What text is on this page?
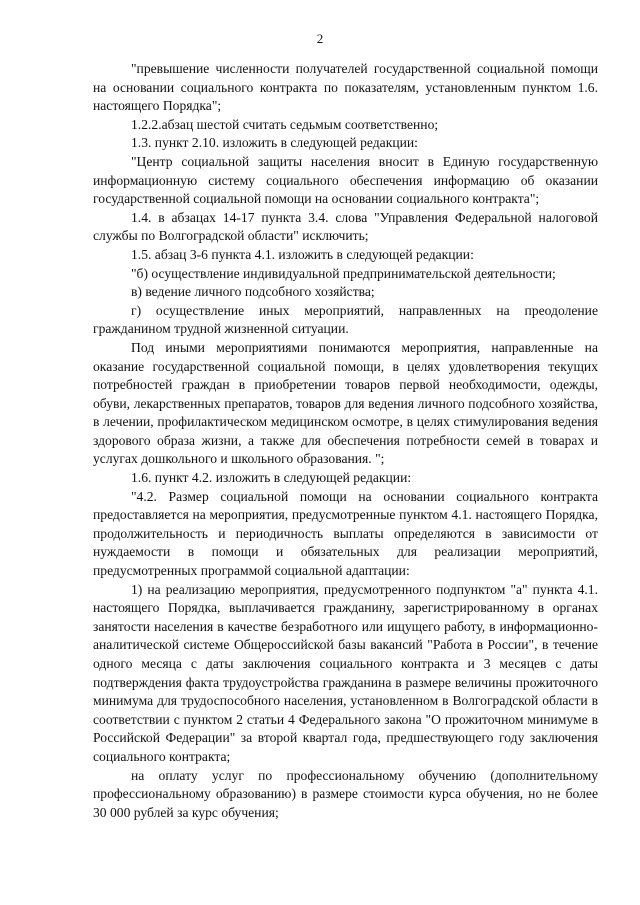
2

"превышение численности получателей государственной социальной помощи на основании социального контракта по показателям, установленным пунктом 1.6. настоящего Порядка";

1.2.2.абзац шестой считать седьмым соответственно;

1.3. пункт 2.10. изложить в следующей редакции:

"Центр социальной защиты населения вносит в Единую государственную информационную систему социального обеспечения информацию об оказании государственной социальной помощи на основании социального контракта";

1.4. в абзацах 14-17 пункта 3.4. слова "Управления Федеральной налоговой службы по Волгоградской области" исключить;

1.5. абзац 3-6 пункта 4.1. изложить в следующей редакции:

"б) осуществление индивидуальной предпринимательской деятельности;

в) ведение личного подсобного хозяйства;

г) осуществление иных мероприятий, направленных на преодоление гражданином трудной жизненной ситуации.

Под иными мероприятиями понимаются мероприятия, направленные на оказание государственной социальной помощи, в целях удовлетворения текущих потребностей граждан в приобретении товаров первой необходимости, одежды, обуви, лекарственных препаратов, товаров для ведения личного подсобного хозяйства, в лечении, профилактическом медицинском осмотре, в целях стимулирования ведения здорового образа жизни, а также для обеспечения потребности семей в товарах и услугах дошкольного и школьного образования. ";

1.6. пункт 4.2. изложить в следующей редакции:

"4.2. Размер социальной помощи на основании социального контракта предоставляется на мероприятия, предусмотренные пунктом 4.1. настоящего Порядка, продолжительность и периодичность выплаты определяются в зависимости от нуждаемости в помощи и обязательных для реализации мероприятий, предусмотренных программой социальной адаптации:

1) на реализацию мероприятия, предусмотренного подпунктом "а" пункта 4.1. настоящего Порядка, выплачивается гражданину, зарегистрированному в органах занятости населения в качестве безработного или ищущего работу, в информационно-аналитической системе Общероссийской базы вакансий "Работа в России", в течение одного месяца с даты заключения социального контракта и 3 месяцев с даты подтверждения факта трудоустройства гражданина в размере величины прожиточного минимума для трудоспособного населения, установленном в Волгоградской области в соответствии с пунктом 2 статьи 4 Федерального закона "О прожиточном минимуме в Российской Федерации" за второй квартал года, предшествующего году заключения социального контракта;

на оплату услуг по профессиональному обучению (дополнительному профессиональному образованию) в размере стоимости курса обучения, но не более 30 000 рублей за курс обучения;
